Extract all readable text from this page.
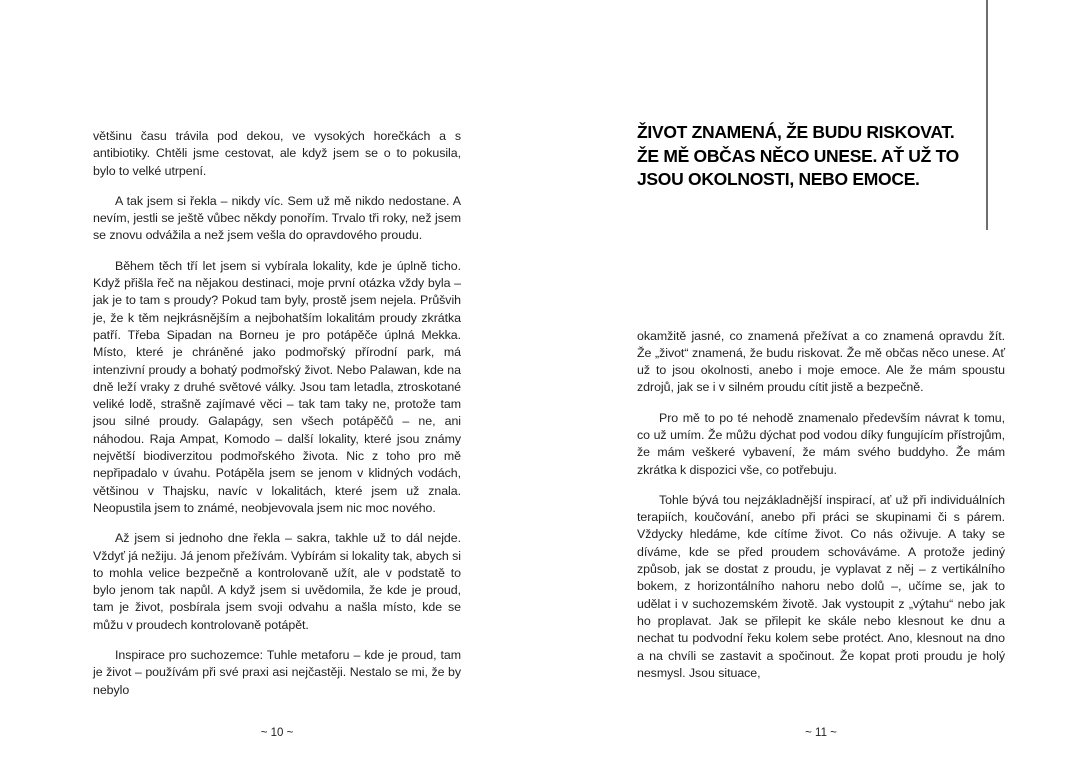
většinu času trávila pod dekou, ve vysokých horečkách a s antibiotiky. Chtěli jsme cestovat, ale když jsem se o to pokusila, bylo to velké utrpení.

A tak jsem si řekla – nikdy víc. Sem už mě nikdo nedostane. A nevím, jestli se ještě vůbec někdy ponořím. Trvalo tři roky, než jsem se znovu odvážila a než jsem vešla do opravdového proudu.

Během těch tří let jsem si vybírala lokality, kde je úplně ticho. Když přišla řeč na nějakou destinaci, moje první otázka vždy byla – jak je to tam s proudy? Pokud tam byly, prostě jsem nejela. Průšvih je, že k těm nejkrásnějším a nejbohatším lokalitám proudy zkrátka patří. Třeba Sipadan na Borneu je pro potápěče úplná Mekka. Místo, které je chráněné jako podmořský přírodní park, má intenzivní proudy a bohatý podmořský život. Nebo Palawan, kde na dně leží vraky z druhé světové války. Jsou tam letadla, ztroskotané veliké lodě, strašně zajímavé věci – tak tam taky ne, protože tam jsou silné proudy. Galapágy, sen všech potápěčů – ne, ani náhodou. Raja Ampat, Komodo – další lokality, které jsou známy největší biodiverzitou podmořského života. Nic z toho pro mě nepřipadalo v úvahu. Potápěla jsem se jenom v klidných vodách, většinou v Thajsku, navíc v lokalitách, které jsem už znala. Neopustila jsem to známé, neobjevovala jsem nic moc nového.

Až jsem si jednoho dne řekla – sakra, takhle už to dál nejde. Vždyť já nežiju. Já jenom přežívám. Vybírám si lokality tak, abych si to mohla velice bezpečně a kontrolovaně užít, ale v podstatě to bylo jenom tak napůl. A když jsem si uvědomila, že kde je proud, tam je život, posbírala jsem svoji odvahu a našla místo, kde se můžu v proudech kontrolovaně potápět.

Inspirace pro suchozemce: Tuhle metaforu – kde je proud, tam je život – používám při své praxi asi nejčastěji. Nestalo se mi, že by nebylo

ŽIVOT ZNAMENÁ, ŽE BUDU RISKOVAT.
ŽE MĚ OBČAS NĚCO UNESE. AŤ UŽ TO
JSOU OKOLNOSTI, NEBO EMOCE.

okamžitě jasné, co znamená přežívat a co znamená opravdu žít. Že „život“ znamená, že budu riskovat. Že mě občas něco unese. Ať už to jsou okolnosti, anebo i moje emoce. Ale že mám spoustu zdrojů, jak se i v silném proudu cítit jistě a bezpečně.

Pro mě to po té nehodě znamenalo především návrat k tomu, co už umím. Že můžu dýchat pod vodou díky fungujícím přístrojům, že mám veškeré vybavení, že mám svého buddyho. Že mám zkrátka k dispozici vše, co potřebuju.

Tohle bývá tou nejzákladnější inspirací, ať už při individuálních terapiích, koučování, anebo při práci se skupinami či s párem. Vždycky hledáme, kde cítíme život. Co nás oživuje. A taky se díváme, kde se před proudem schováváme. A protože jediný způsob, jak se dostat z proudu, je vyplavat z něj – z vertikálního bokem, z horizontálního nahoru nebo dolů –, učíme se, jak to udělat i v suchozemském životě. Jak vystoupit z „výtahu“ nebo jak ho proplavat. Jak se přilepit ke skále nebo klesnout ke dnu a nechat tu podvodní řeku kolem sebe protéct. Ano, klesnout na dno a na chvíli se zastavit a spočinout. Že kopat proti proudu je holý nesmysl. Jsou situace,

~ 10 ~	~ 11 ~
